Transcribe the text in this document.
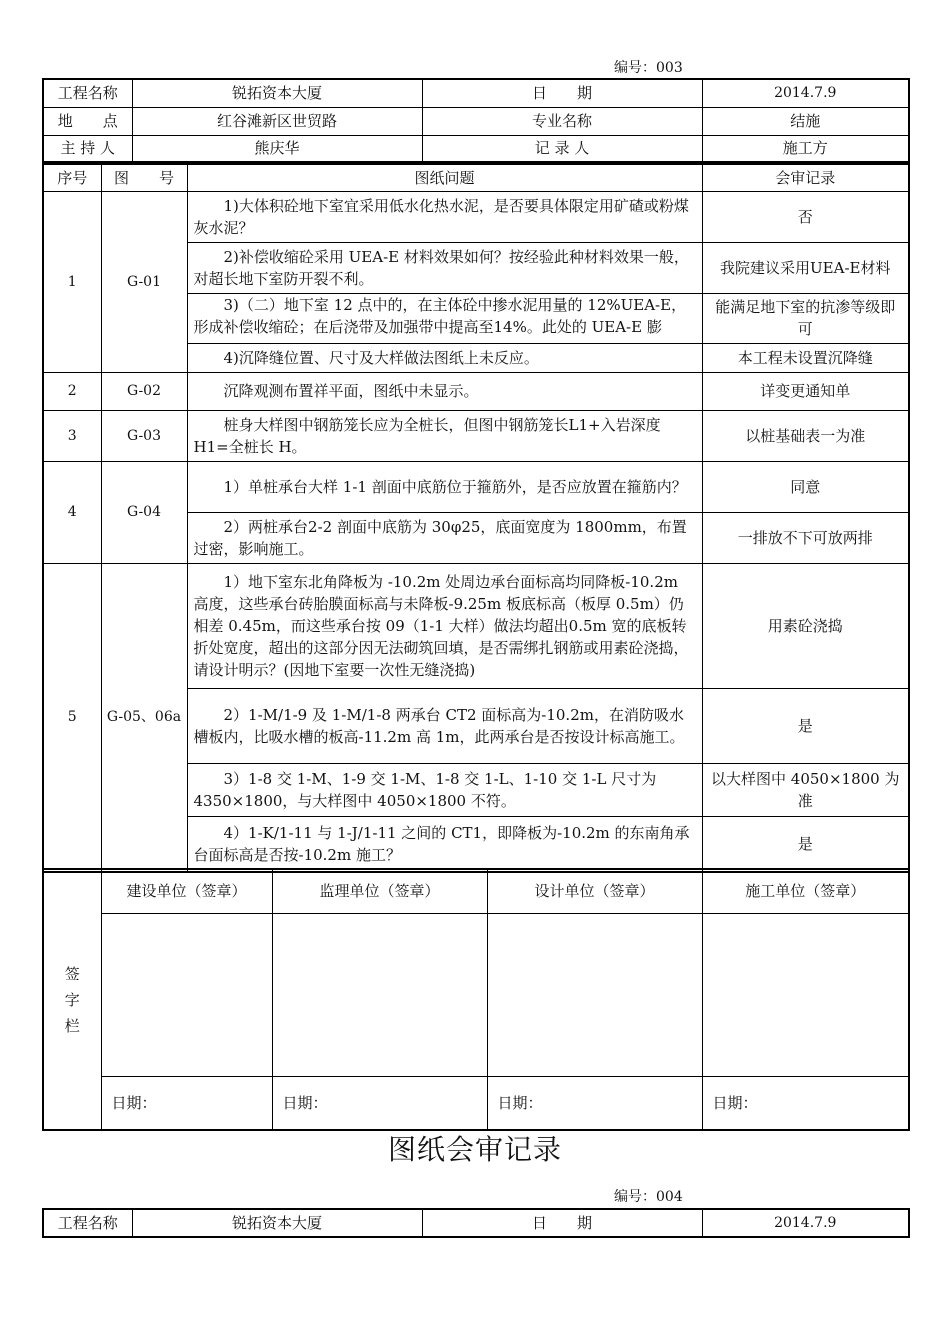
编号：003
工程名称	锐拓资本大厦	日　　期	2014.7.9
地　　点	红谷滩新区世贸路	专业名称	结施
主 持 人	熊庆华	记 录 人	施工方
序号	图　　号	图纸问题	会审记录
1	G-01	1)大体积砼地下室宜采用低水化热水泥，是否要具体限定用矿碴或粉煤灰水泥？	否
		2)补偿收缩砼采用 UEA-E 材料效果如何？按经验此种材料效果一般，对超长地下室防开裂不利。	我院建议采用UEA-E材料

		3)（二）地下室 12 点中的，在主体砼中掺水泥用量的 12%UEA-E，形成补偿收缩砼；在后浇带及加强带中提高至14%。此处的 UEA-E 膨	能满足地下室的抗渗等级即可
		4)沉降缝位置、尺寸及大样做法图纸上未反应。	本工程未设置沉降缝
2	G-02	沉降观测布置祥平面，图纸中未显示。	详变更通知单
3	G-03	桩身大样图中钢筋笼长应为全桩长，但图中钢筋笼长L1+入岩深度 H1=全桩长 H。	以桩基础表一为准
4	G-04	1）单桩承台大样 1-1 剖面中底筋位于箍筋外，是否应放置在箍筋内？	同意
		2）两桩承台2-2 剖面中底筋为 30φ25，底面宽度为 1800mm，布置过密，影响施工。	一排放不下可放两排
5	G-05、06a	1）地下室东北角降板为 -10.2m 处周边承台面标高均同降板-10.2m 高度，这些承台砖胎膜面标高与未降板-9.25m 板底标高（板厚 0.5m）仍相差 0.45m，而这些承台按 09（1-1 大样）做法均超出0.5m 宽的底板转折处宽度，超出的这部分因无法砌筑回填，是否需绑扎钢筋或用素砼浇捣，请设计明示？(因地下室要一次性无缝浇捣)	用素砼浇捣
		2）1-M/1-9 及 1-M/1-8 两承台 CT2 面标高为-10.2m，在消防吸水槽板内，比吸水槽的板高-11.2m 高 1m，此两承台是否按设计标高施工。	是
		3）1-8 交 1-M、1-9 交 1-M、1-8 交 1-L、1-10 交 1-L 尺寸为 4350×1800，与大样图中 4050×1800 不符。	以大样图中 4050×1800 为准
		4）1-K/1-11 与 1-J/1-11 之间的 CT1，即降板为-10.2m 的东南角承台面标高是否按-10.2m 施工？	是
签字栏	建设单位（签章）	监理单位（签章）	设计单位（签章）	施工单位（签章）

	日期：	日期：	日期：	日期：
图纸会审记录
编号：004
工程名称	锐拓资本大厦	日　　期	2014.7.9
